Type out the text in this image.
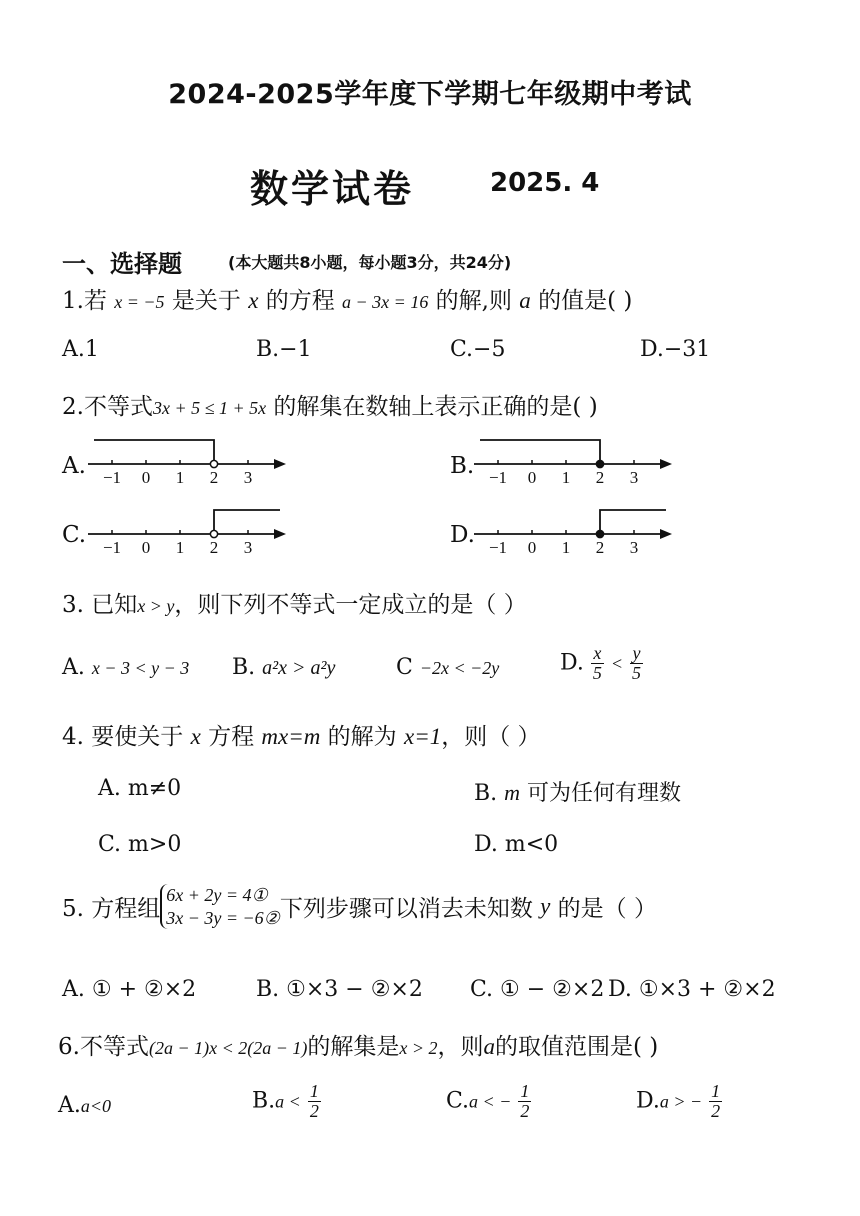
2024-2025学年度下学期七年级期中考试
数学试卷	2025. 4
一、选择题	(本大题共8小题，每小题3分，共24分)
1.若 x = −5 是关于 x 的方程 a − 3x = 16 的解,则 a 的值是( )
A.1	B.−1	C.−5	D.−31
2.不等式3x + 5 ≤ 1 + 5x 的解集在数轴上表示正确的是( )
A. −1 0 1 2 3	B. −1 0 1 2 3
C. −1 0 1 2 3	D. −1 0 1 2 3
3. 已知x > y，则下列不等式一定成立的是（ ）
A. x − 3 < y − 3 B. a²x > a²y	C −2x < −2y	D. $\frac{x}{5} < \frac{y}{5}$
4. 要使关于 x 方程 mx=m 的解为 x=1，则（ ）
A. m≠0	B. m 可为任何有理数
C. m>0	D. m<0
5. 方程组
6x + 2y = 4①
3x − 3y = −6② 下列步骤可以消去未知数 y 的是（ ）
A. ① + ②×2	B. ①×3 − ②×2 C. ① − ②×2 D. ①×3 + ②×2
6.不等式(2a − 1)x < 2(2a − 1)的解集是x > 2，则a的取值范围是( )
A.a<0	$B.a < \frac{1}{2}$	C.a < − $\frac{1}{2}$	D.a > − $\frac{1}{2}$
